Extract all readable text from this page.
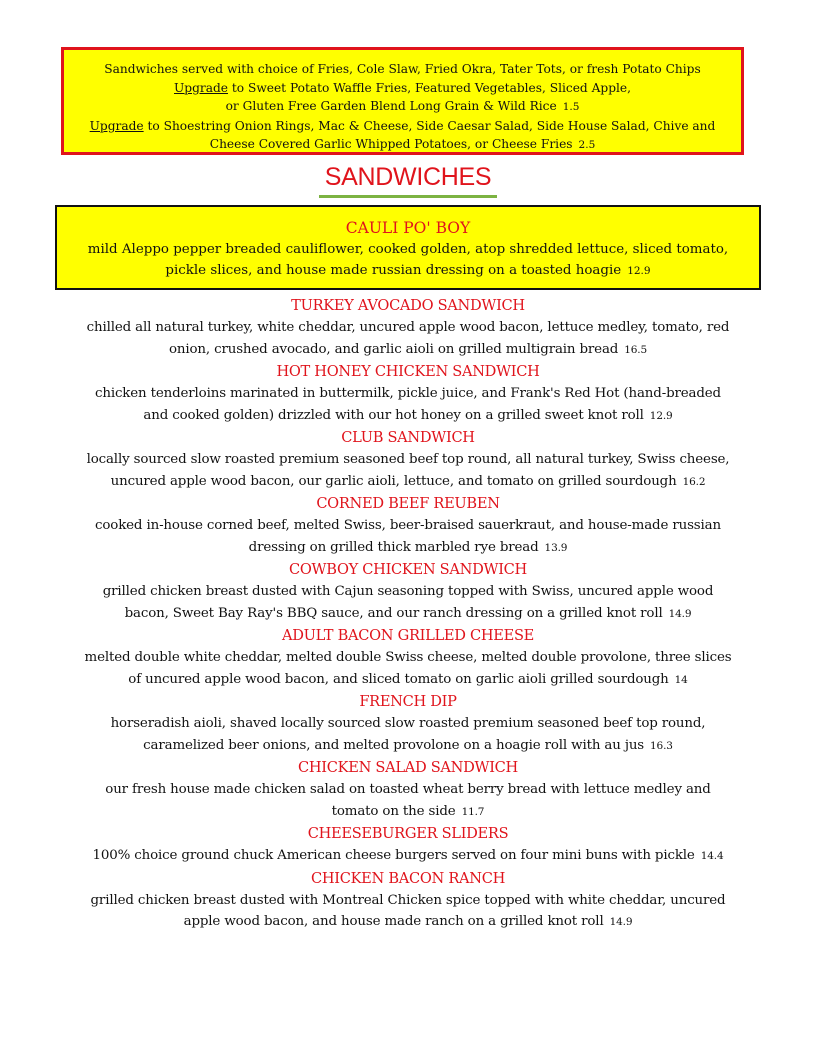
Sandwiches served with choice of Fries, Cole Slaw, Fried Okra, Tater Tots, or fresh Potato Chips
Upgrade to Sweet Potato Waffle Fries, Featured Vegetables, Sliced Apple,
or Gluten Free Garden Blend Long Grain & Wild Rice 1.5
Upgrade to Shoestring Onion Rings, Mac & Cheese, Side Caesar Salad, Side House Salad, Chive and
Cheese Covered Garlic Whipped Potatoes, or Cheese Fries 2.5
SANDWICHES
CAULI PO' BOY
mild Aleppo pepper breaded cauliflower, cooked golden, atop shredded lettuce, sliced tomato,
pickle slices, and house made russian dressing on a toasted hoagie 12.9
TURKEY AVOCADO SANDWICH
chilled all natural turkey, white cheddar, uncured apple wood bacon, lettuce medley, tomato, red
onion, crushed avocado, and garlic aioli on grilled multigrain bread 16.5
HOT HONEY CHICKEN SANDWICH
chicken tenderloins marinated in buttermilk, pickle juice, and Frank's Red Hot (hand-breaded
and cooked golden) drizzled with our hot honey on a grilled sweet knot roll 12.9
CLUB SANDWICH
locally sourced slow roasted premium seasoned beef top round, all natural turkey, Swiss cheese,
uncured apple wood bacon, our garlic aioli, lettuce, and tomato on grilled sourdough 16.2
CORNED BEEF REUBEN
cooked in-house corned beef, melted Swiss, beer-braised sauerkraut, and house-made russian
dressing on grilled thick marbled rye bread 13.9
COWBOY CHICKEN SANDWICH
grilled chicken breast dusted with Cajun seasoning topped with Swiss, uncured apple wood
bacon, Sweet Bay Ray's BBQ sauce, and our ranch dressing on a grilled knot roll 14.9
ADULT BACON GRILLED CHEESE
melted double white cheddar, melted double Swiss cheese, melted double provolone, three slices
of uncured apple wood bacon, and sliced tomato on garlic aioli grilled sourdough 14
FRENCH DIP
horseradish aioli, shaved locally sourced slow roasted premium seasoned beef top round,
caramelized beer onions, and melted provolone on a hoagie roll with au jus 16.3
CHICKEN SALAD SANDWICH
our fresh house made chicken salad on toasted wheat berry bread with lettuce medley and
tomato on the side 11.7
CHEESEBURGER SLIDERS
100% choice ground chuck American cheese burgers served on four mini buns with pickle 14.4
CHICKEN BACON RANCH
grilled chicken breast dusted with Montreal Chicken spice topped with white cheddar, uncured
apple wood bacon, and house made ranch on a grilled knot roll 14.9
